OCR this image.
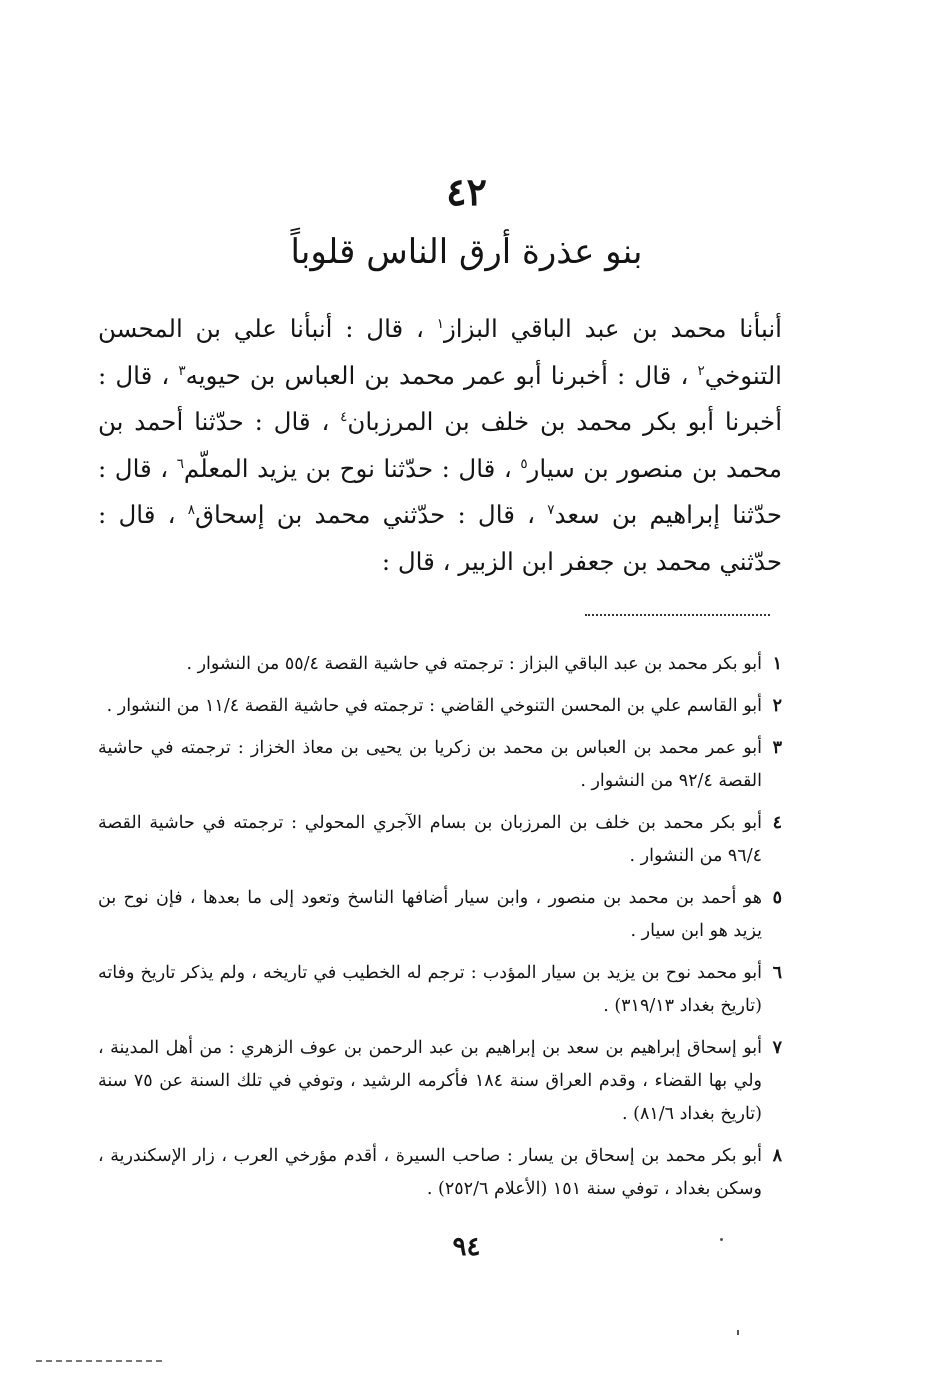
٤٢
بنو عذرة أرق الناس قلوباً
أنبأنا محمد بن عبد الباقي البزاز$^١$ ، قال : أنبأنا علي بن المحسن التنوخي$^٢$ ، قال : أخبرنا أبو عمر محمد بن العباس بن حيويه$^٣$ ، قال : أخبرنا أبو بكر محمد بن خلف بن المرزبان$^٤$ ، قال : حدّثنا أحمد بن محمد بن منصور بن سيار$^٥$ ، قال : حدّثنا نوح بن يزيد المعلّم$^٦$ ، قال : حدّثنا إبراهيم بن سعد$^٧$ ، قال : حدّثني محمد بن إسحاق$^٨$ ، قال : حدّثني محمد بن جعفر ابن الزبير ، قال :
١
أبو بكر محمد بن عبد الباقي البزاز : ترجمته في حاشية القصة ٥٥/٤ من النشوار .
٢
أبو القاسم علي بن المحسن التنوخي القاضي : ترجمته في حاشية القصة ١١/٤ من النشوار .
٣
أبو عمر محمد بن العباس بن محمد بن زكريا بن يحيى بن معاذ الخزاز : ترجمته في حاشية القصة ٩٢/٤ من النشوار .
٤
أبو بكر محمد بن خلف بن المرزبان بن بسام الآجري المحولي : ترجمته في حاشية القصة ٩٦/٤ من النشوار .
٥
هو أحمد بن محمد بن منصور ، وابن سيار أضافها الناسخ وتعود إلى ما بعدها ، فإن نوح بن يزيد هو ابن سيار .
٦
أبو محمد نوح بن يزيد بن سيار المؤدب : ترجم له الخطيب في تاريخه ، ولم يذكر تاريخ وفاته (تاريخ بغداد ٣١٩/١٣) .
٧
أبو إسحاق إبراهيم بن سعد بن إبراهيم بن عبد الرحمن بن عوف الزهري : من أهل المدينة ، ولي بها القضاء ، وقدم العراق سنة ١٨٤ فأكرمه الرشيد ، وتوفي في تلك السنة عن ٧٥ سنة (تاريخ بغداد ٨١/٦) .
٨
أبو بكر محمد بن إسحاق بن يسار : صاحب السيرة ، أقدم مؤرخي العرب ، زار الإسكندرية ، وسكن بغداد ، توفي سنة ١٥١ (الأعلام ٢٥٢/٦) .
٩٤
